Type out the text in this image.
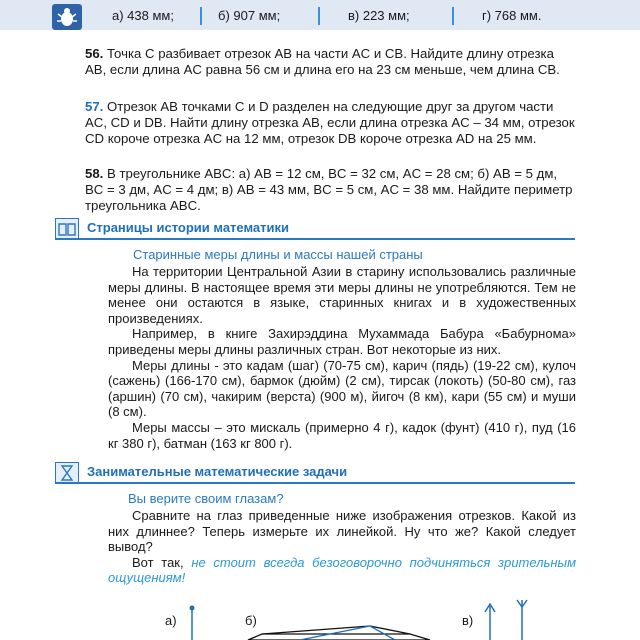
а) 438 мм;	б) 907 мм;	в) 223 мм;	г) 768 мм.
56. Точка C разбивает отрезок AB на части AC и CB. Найдите длину отрезка AB, если длина AC равна 56 см и длина его на 23 см меньше, чем длина CB.
57. Отрезок AB точками C и D разделен на следующие друг за другом части AC, CD и DB. Найти длину отрезка AB, если длина отрезка AC – 34 мм, отрезок CD короче отрезка AC на 12 мм, отрезок DB короче отрезка AD на 25 мм.
58. В треугольнике ABC: а) AB = 12 см, BC = 32 см, AC = 28 см; б) AB = 5 дм, BC = 3 дм, AC = 4 дм; в) AB = 43 мм, BC = 5 см, AC = 38 мм. Найдите периметр треугольника ABC.
Страницы истории математики
Старинные меры длины и массы нашей страны
На территории Центральной Азии в старину использовались различные меры длины. В настоящее время эти меры длины не употребляются. Тем не менее они остаются в языке, старинных книгах и в художественных произведениях.
Например, в книге Захирэддина Мухаммада Бабура «Бабурнома» приведены меры длины различных стран. Вот некоторые из них.
Меры длины - это кадам (шаг) (70-75 см), карич (пядь) (19-22 см), кулоч (сажень) (166-170 см), бармок (дюйм) (2 см), тирсак (локоть) (50-80 см), газ (аршин) (70 см), чакирим (верста) (900 м), йигоч (8 км), кари (55 см) и муши (8 см).
Меры массы – это мискаль (примерно 4 г), кадок (фунт) (410 г), пуд (16 кг 380 г), батман (163 кг 800 г).
Занимательные математические задачи
Вы верите своим глазам?
Сравните на глаз приведенные ниже изображения отрезков. Какой из них длиннее? Теперь измерьте их линейкой. Ну что же? Какой следует вывод?
Вот так, не стоит всегда безоговорочно подчиняться зрительным ощущениям!
а)	б)	в)
